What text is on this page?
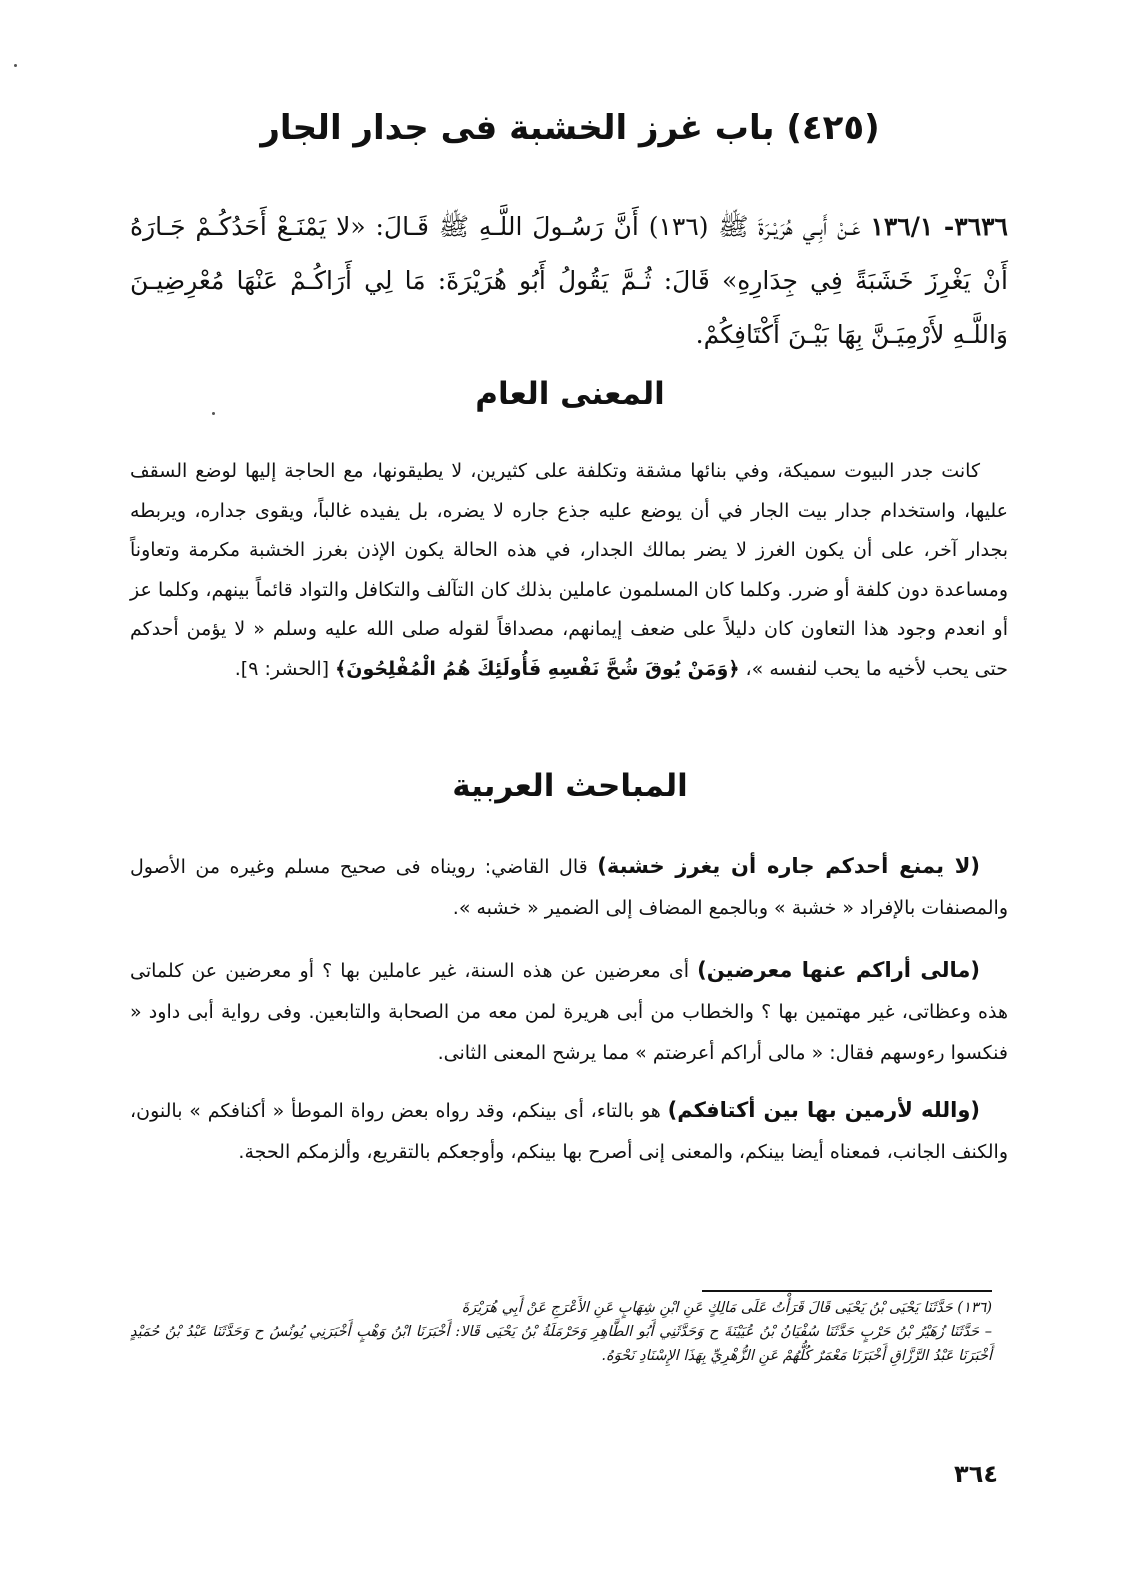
(٤٢٥) باب غرز الخشبة فى جدار الجار
٣٦٣٦- ١٣٦/١ عَـنْ أَبِـي هُرَيْـرَةَ ﷺ (١٣٦) أَنَّ رَسُـولَ اللَّـهِ ﷺ قَـالَ: «لا يَمْنَـعْ أَحَدُكُـمْ جَـارَهُ أَنْ يَغْرِزَ خَشَبَةً فِي جِدَارِهِ» قَالَ: ثُـمَّ يَقُولُ أَبُو هُرَيْرَةَ: مَا لِي أَرَاكُـمْ عَنْهَا مُعْرِضِيـنَ وَاللَّـهِ لأَرْمِيَـنَّ بِهَا بَيْـنَ أَكْتَافِكُمْ.
المعنى العام
كانت جدر البيوت سميكة، وفي بنائها مشقة وتكلفة على كثيرين، لا يطيقونها، مع الحاجة إليها لوضع السقف عليها، واستخدام جدار بيت الجار في أن يوضع عليه جذع جاره لا يضره، بل يفيده غالباً، ويقوى جداره، ويربطه بجدار آخر، على أن يكون الغرز لا يضر بمالك الجدار، في هذه الحالة يكون الإذن بغرز الخشبة مكرمة وتعاوناً ومساعدة دون كلفة أو ضرر. وكلما كان المسلمون عاملين بذلك كان التآلف والتكافل والتواد قائماً بينهم، وكلما عز أو انعدم وجود هذا التعاون كان دليلاً على ضعف إيمانهم، مصداقاً لقوله صلى الله عليه وسلم « لا يؤمن أحدكم حتى يحب لأخيه ما يحب لنفسه »، ﴿وَمَنْ يُوقَ شُحَّ نَفْسِهِ فَأُولَئِكَ هُمُ الْمُفْلِحُونَ﴾ [الحشر: ٩].
المباحث العربية
(لا يمنع أحدكم جاره أن يغرز خشبة) قال القاضي: رويناه فى صحيح مسلم وغيره من الأصول والمصنفات بالإفراد « خشبة » وبالجمع المضاف إلى الضمير « خشبه ».
(مالى أراكم عنها معرضين) أى معرضين عن هذه السنة، غير عاملين بها ؟ أو معرضين عن كلماتى هذه وعظاتى، غير مهتمين بها ؟ والخطاب من أبى هريرة لمن معه من الصحابة والتابعين. وفى رواية أبى داود « فنكسوا رءوسهم فقال: « مالى أراكم أعرضتم » مما يرشح المعنى الثانى.
(والله لأرمين بها بين أكتافكم) هو بالتاء، أى بينكم، وقد رواه بعض رواة الموطأ « أكنافكم » بالنون، والكنف الجانب، فمعناه أيضا بينكم، والمعنى إنى أصرح بها بينكم، وأوجعكم بالتقريع، وألزمكم الحجة.
(١٣٦) حَدَّثَنَا يَحْيَى بْنُ يَحْيَى قَالَ قَرَأْتُ عَلَى مَالِكٍ عَنِ ابْنِ شِهَابٍ عَنِ الأَعْرَجِ عَنْ أَبِي هُرَيْرَةَ
– حَدَّثَنَا زُهَيْرُ بْنُ حَرْبٍ حَدَّثَنَا سُفْيَانُ بْنُ عُيَيْنَةَ ح وَحَدَّثَنِي أَبُو الطَّاهِرِ وَحَرْمَلَةُ بْنُ يَحْيَى قَالا: أَخْبَرَنَا ابْنُ وَهْبٍ أَخْبَرَنِي يُونُسُ ح وَحَدَّثَنَا عَبْدُ بْنُ حُمَيْدٍ أَخْبَرَنَا عَبْدُ الرَّزَّاقِ أَخْبَرَنَا مَعْمَرٌ كُلُّهُمْ عَنِ الزُّهْرِيِّ بِهَذَا الإِسْنَادِ نَحْوَهُ.
٣٦٤
